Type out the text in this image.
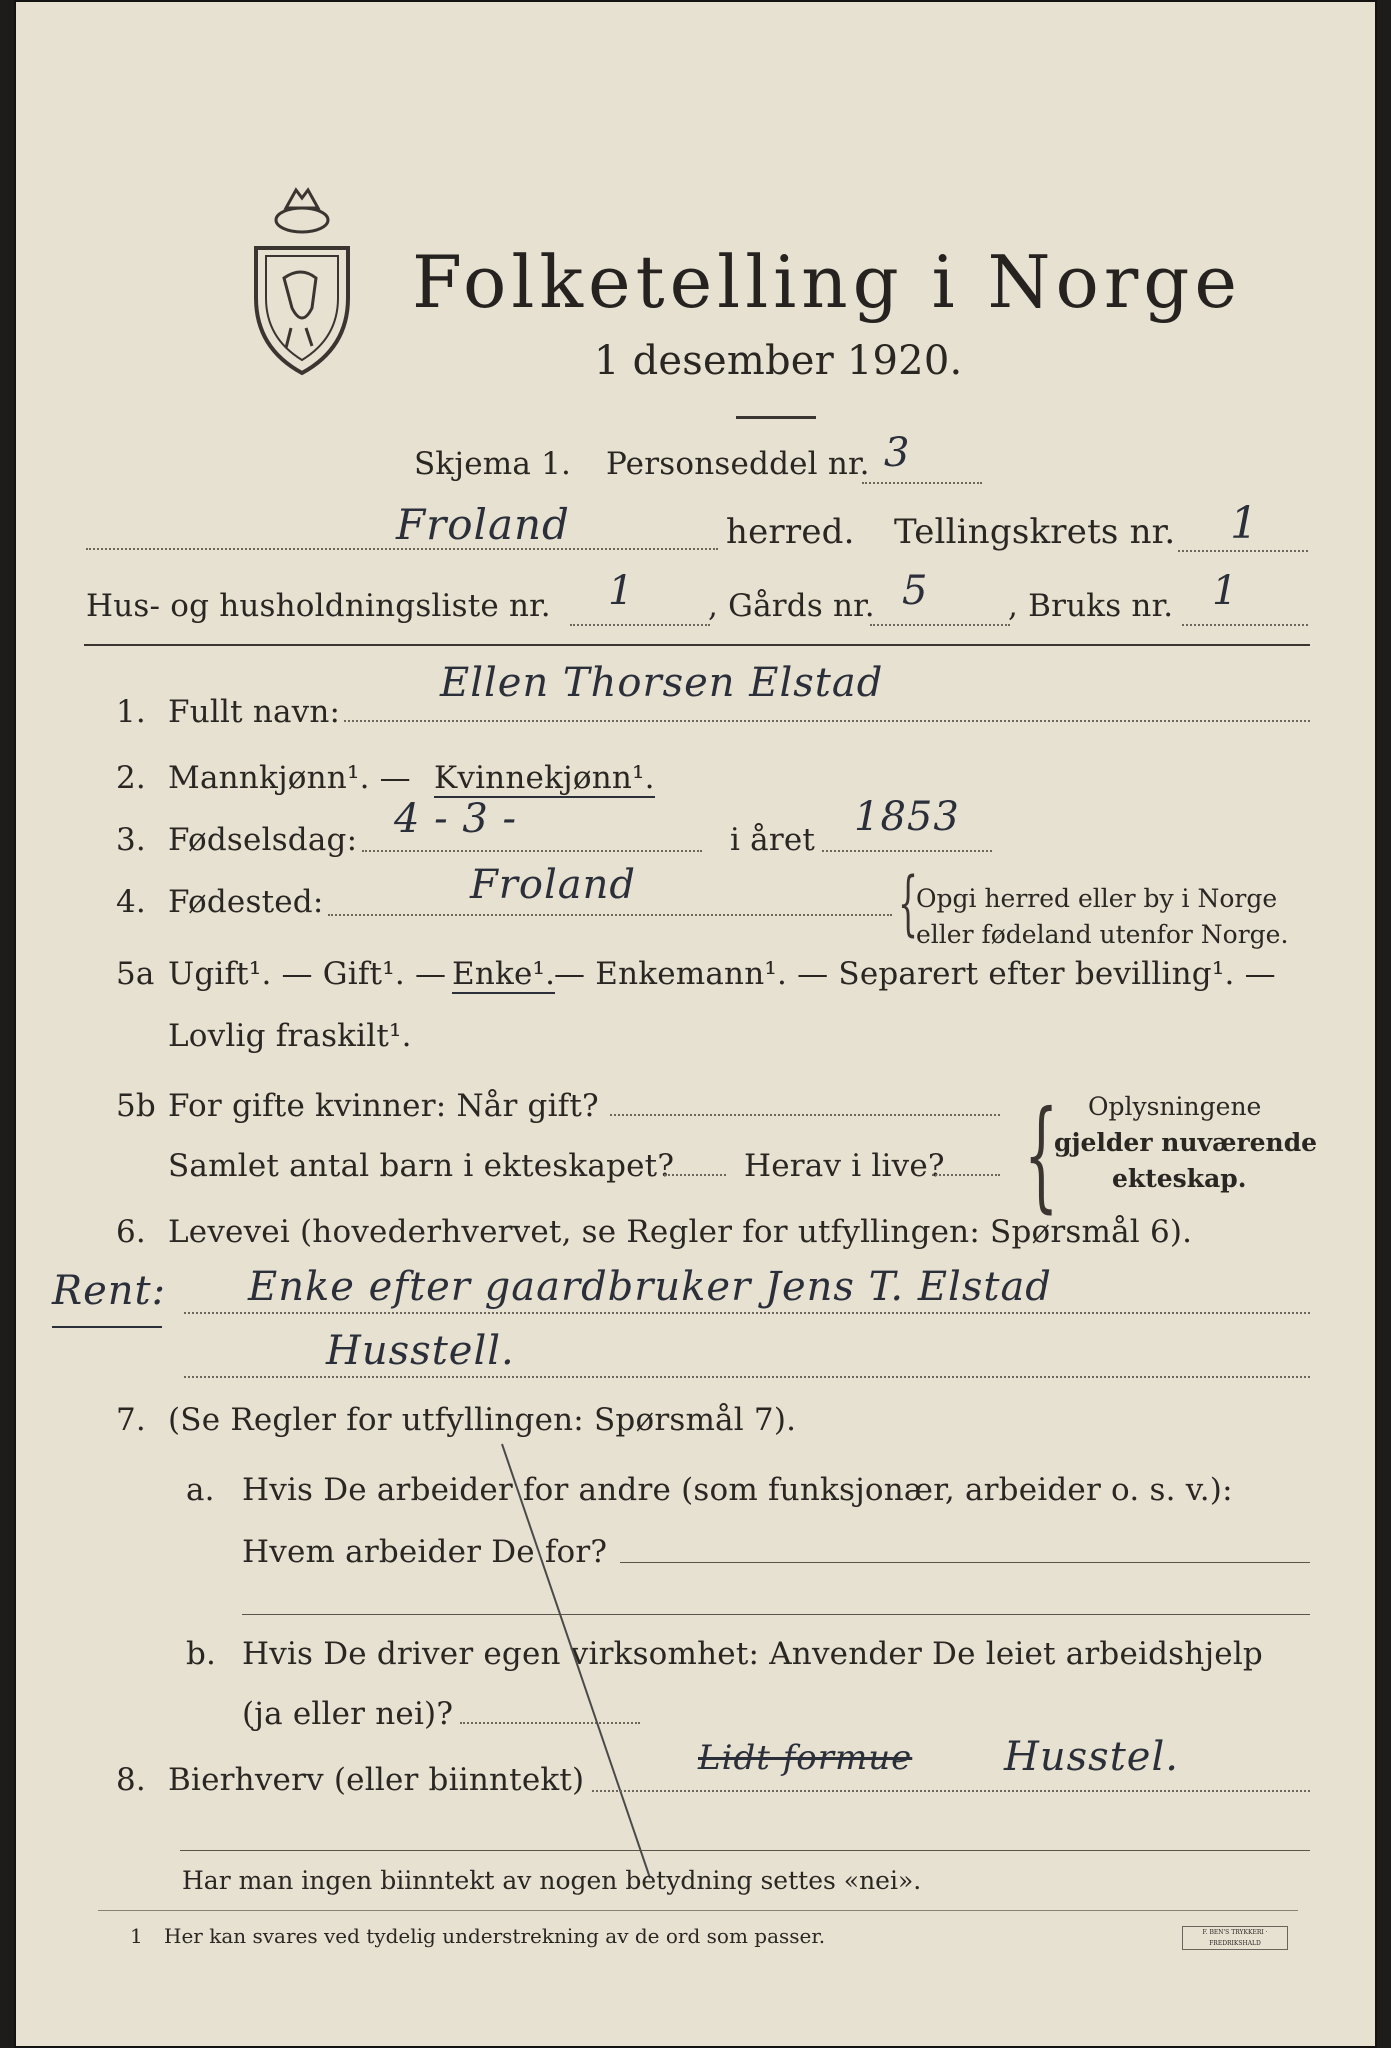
Folketelling i Norge
1 desember 1920.
Skjema 1. Personseddel nr. 3
Froland	herred. Tellingskrets nr. 1
Hus- og husholdningsliste nr. 1 , Gårds nr. 5	, Bruks nr. 1
1. Fullt navn:
Ellen Thorsen Elstad
2. Mannkjønn¹. — Kvinnekjønn¹.
3. Fødselsdag: 4 - 3 -	i året 1853
4. Fødested:	Froland	{
Opgi herred eller by i Norge
eller fødeland utenfor Norge.
5a Ugift¹. — Gift¹. — Enke¹.
— Enkemann¹. — Separert efter bevilling¹. —
Lovlig fraskilt¹.
5b For gifte kvinner: Når gift?
Samlet antal barn i ekteskapet? Herav i live? { Oplysningene
gjelder nuværende
ekteskap.
6. Levevei (hovederhvervet, se Regler for utfyllingen: Spørsmål 6).
Rent: Enke efter gaardbruker Jens T. Elstad
Husstell.
7. (Se Regler for utfyllingen: Spørsmål 7).
a. Hvis De arbeider for andre (som funksjonær, arbeider o. s. v.):
Hvem arbeider De for?
b. Hvis De driver egen virksomhet: Anvender De leiet arbeidshjelp
(ja eller nei)?
8. Bierhverv (eller biinntekt)
Lidt formue Husstel.
Har man ingen biinntekt av nogen betydning settes «nei».
1 Her kan svares ved tydelig understrekning av de ord som passer.	F. BEN'S TRYKKERI · FREDRIKSHALD
